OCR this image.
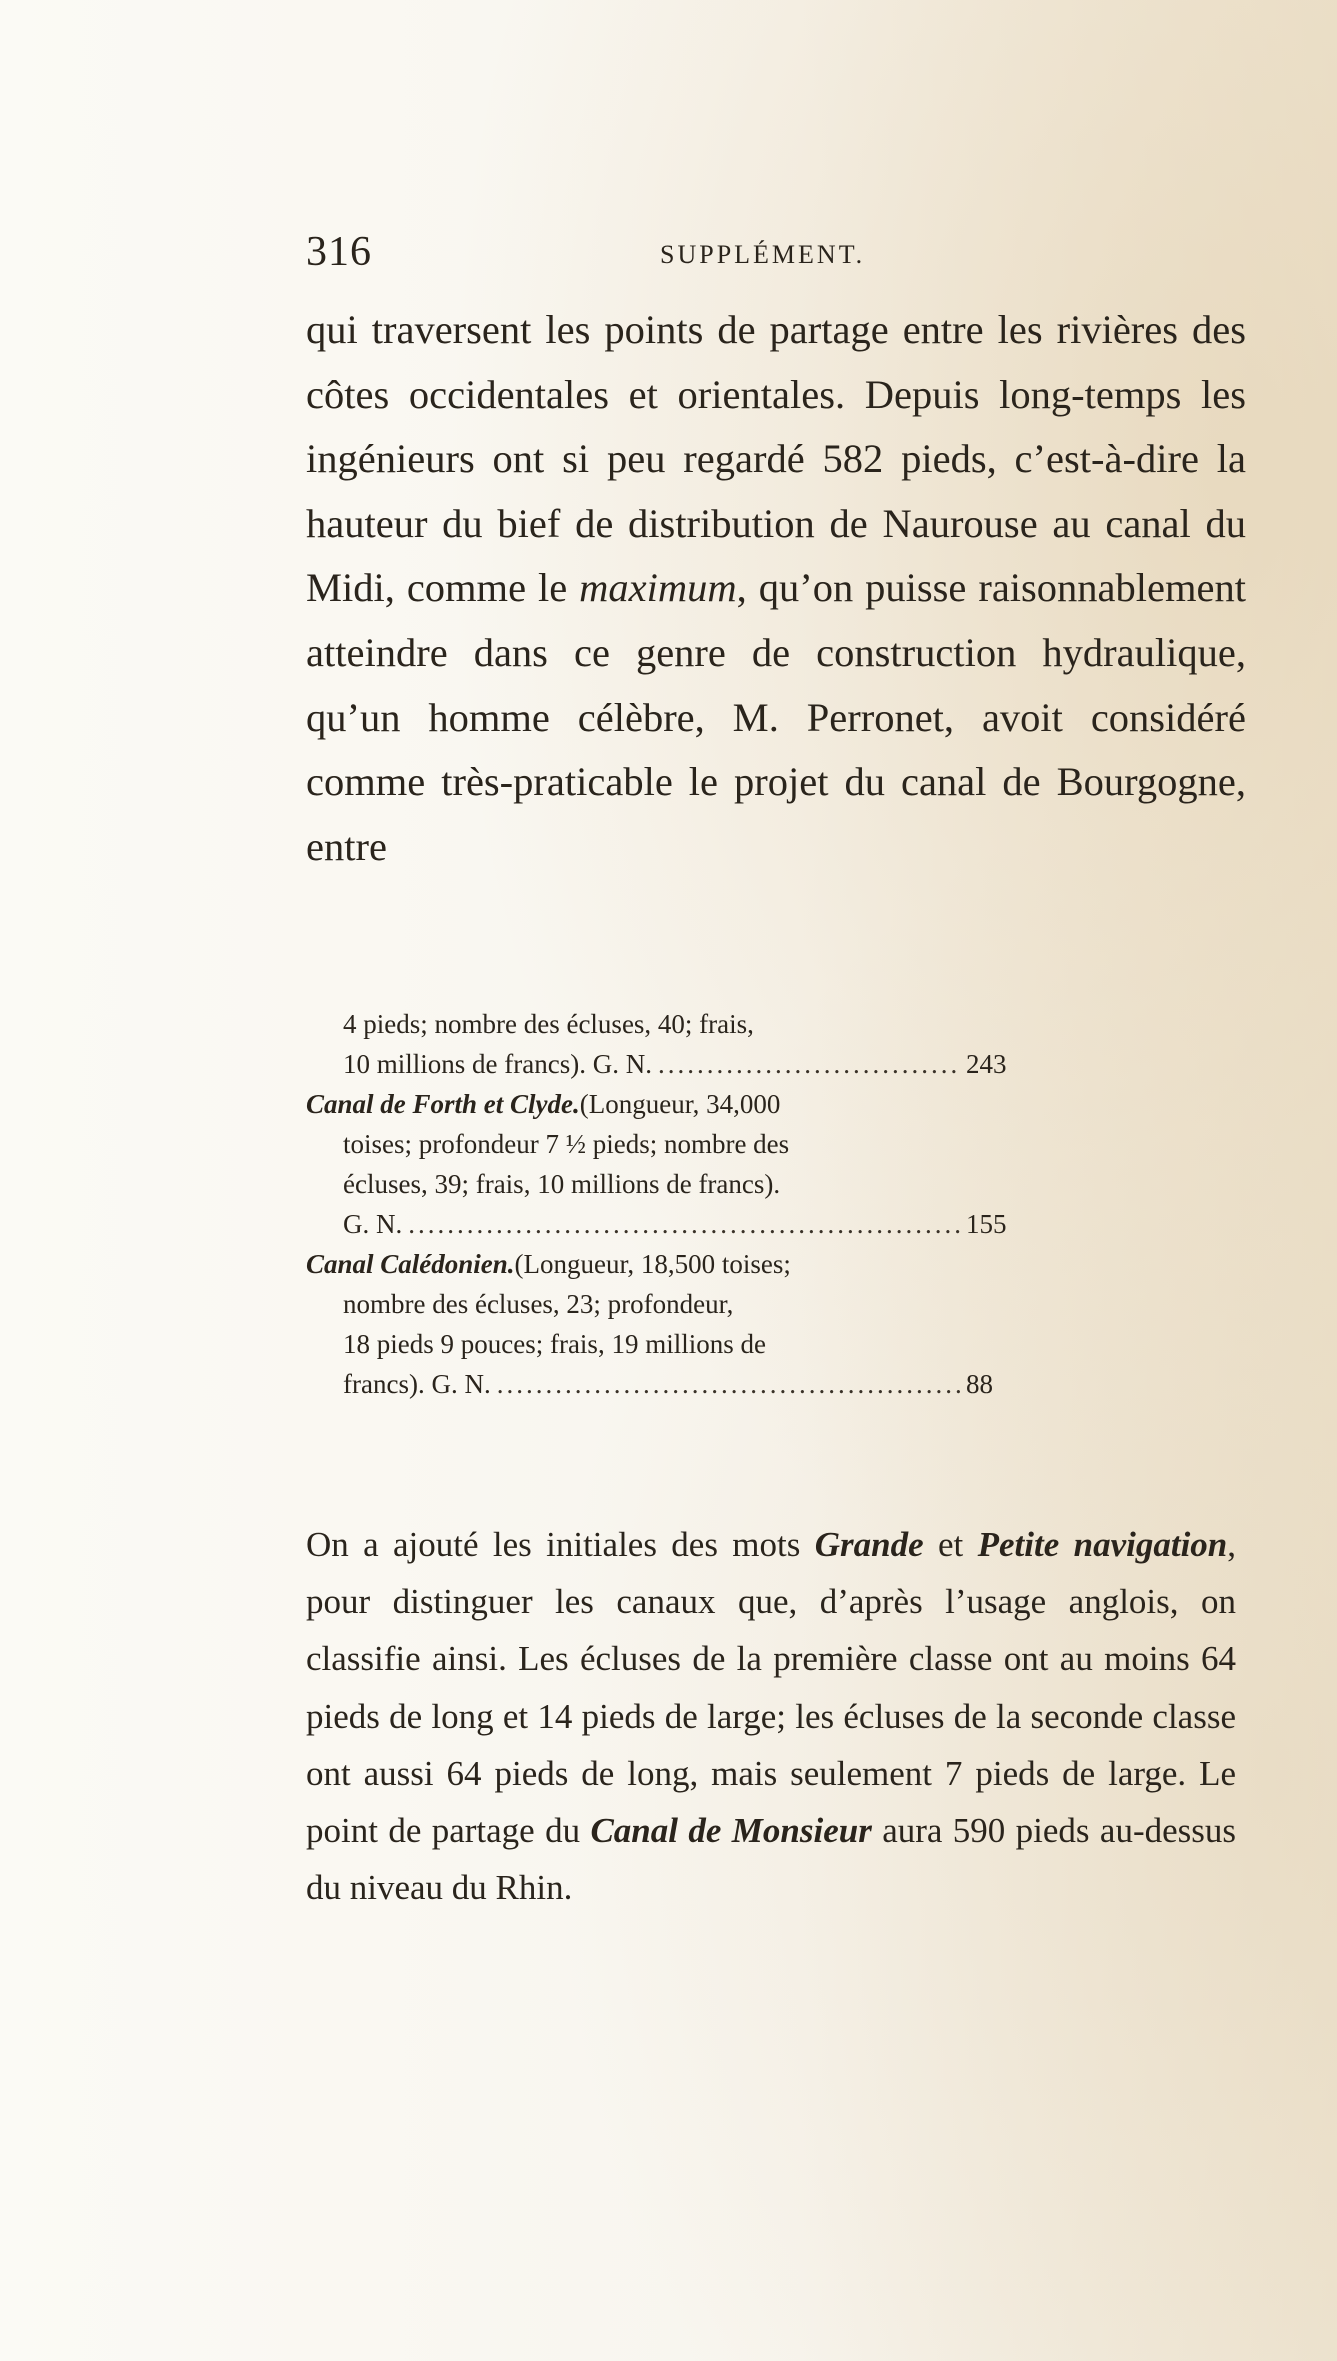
316	SUPPLÉMENT.

qui traversent les points de partage entre les rivières des côtes occidentales et orientales. Depuis long-temps les ingénieurs ont si peu regardé 582 pieds, c’est-à-dire la hauteur du bief de distribution de Naurouse au canal du Midi, comme le maximum, qu’on puisse raisonnablement atteindre dans ce genre de construction hydraulique, qu’un homme célèbre, M. Perronet, avoit considéré comme très-praticable le projet du canal de Bourgogne, entre

4 pieds; nombre des écluses, 40; frais,
10 millions de francs). G. N. .....	243
Canal de Forth et Clyde. (Longueur, 34,000
toises; profondeur 7 ½ pieds; nombre des
écluses, 39; frais, 10 millions de francs).
G. N. .....	155
Canal Calédonien. (Longueur, 18,500 toises;
nombre des écluses, 23; profondeur,
18 pieds 9 pouces; frais, 19 millions de
francs). G. N. .....	88

On a ajouté les initiales des mots Grande et Petite navigation, pour distinguer les canaux que, d’après l’usage anglois, on classifie ainsi. Les écluses de la première classe ont au moins 64 pieds de long et 14 pieds de large; les écluses de la seconde classe ont aussi 64 pieds de long, mais seulement 7 pieds de large. Le point de partage du Canal de Monsieur aura 590 pieds au-dessus du niveau du Rhin.
